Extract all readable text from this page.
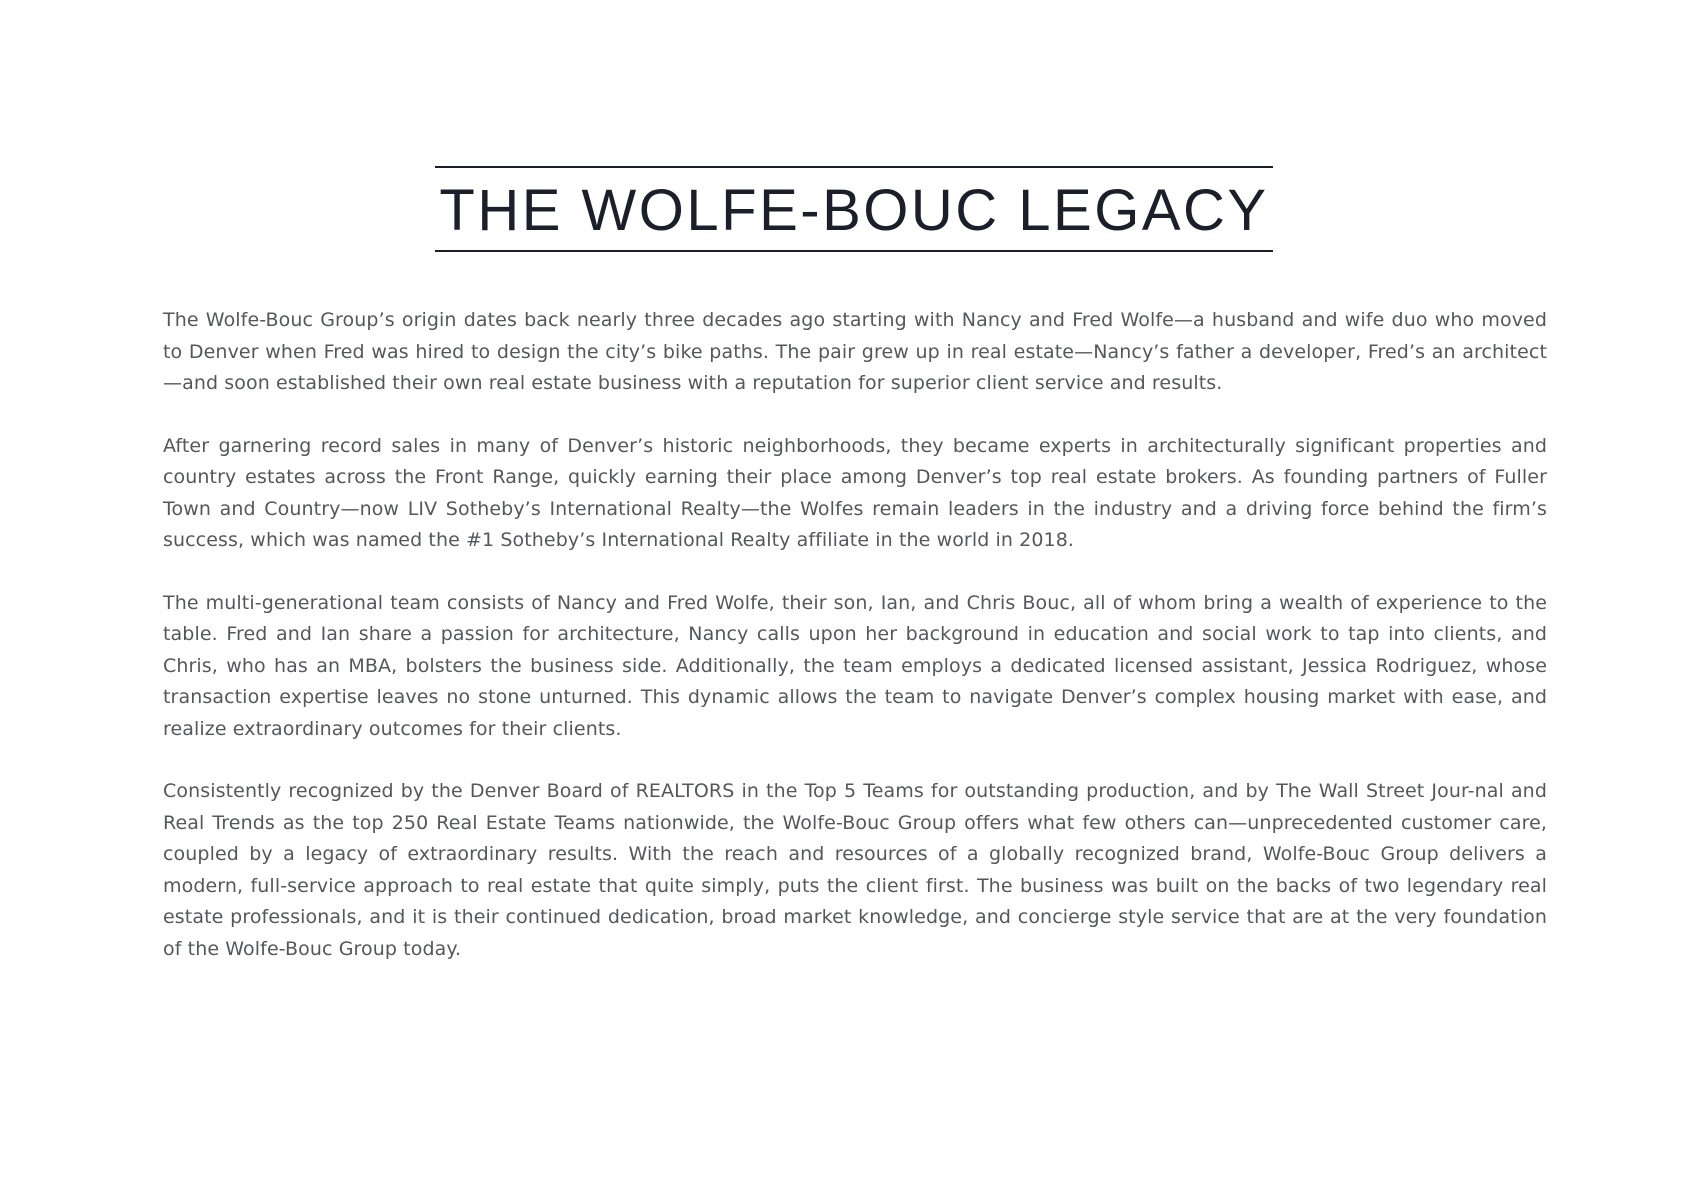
THE WOLFE-BOUC LEGACY

The Wolfe-Bouc Group’s origin dates back nearly three decades ago starting with Nancy and Fred Wolfe—a husband and wife duo who moved to Denver when Fred was hired to design the city’s bike paths. The pair grew up in real estate—Nancy’s father a developer, Fred’s an architect—and soon established their own real estate business with a reputation for superior client service and results.

After garnering record sales in many of Denver’s historic neighborhoods, they became experts in architecturally significant properties and country estates across the Front Range, quickly earning their place among Denver’s top real estate brokers. As founding partners of Fuller Town and Country—now LIV Sotheby’s International Realty—the Wolfes remain leaders in the industry and a driving force behind the firm’s success, which was named the #1 Sotheby’s International Realty affiliate in the world in 2018.

The multi-generational team consists of Nancy and Fred Wolfe, their son, Ian, and Chris Bouc, all of whom bring a wealth of experience to the table. Fred and Ian share a passion for architecture, Nancy calls upon her background in education and social work to tap into clients, and Chris, who has an MBA, bolsters the business side. Additionally, the team employs a dedicated licensed assistant, Jessica Rodriguez, whose transaction expertise leaves no stone unturned. This dynamic allows the team to navigate Denver’s complex housing market with ease, and realize extraordinary outcomes for their clients.

Consistently recognized by the Denver Board of REALTORS in the Top 5 Teams for outstanding production, and by The Wall Street Jour-nal and Real Trends as the top 250 Real Estate Teams nationwide, the Wolfe-Bouc Group offers what few others can—unprecedented customer care, coupled by a legacy of extraordinary results. With the reach and resources of a globally recognized brand, Wolfe-Bouc Group delivers a modern, full-service approach to real estate that quite simply, puts the client first. The business was built on the backs of two legendary real estate professionals, and it is their continued dedication, broad market knowledge, and concierge style service that are at the very foundation of the Wolfe-Bouc Group today.
